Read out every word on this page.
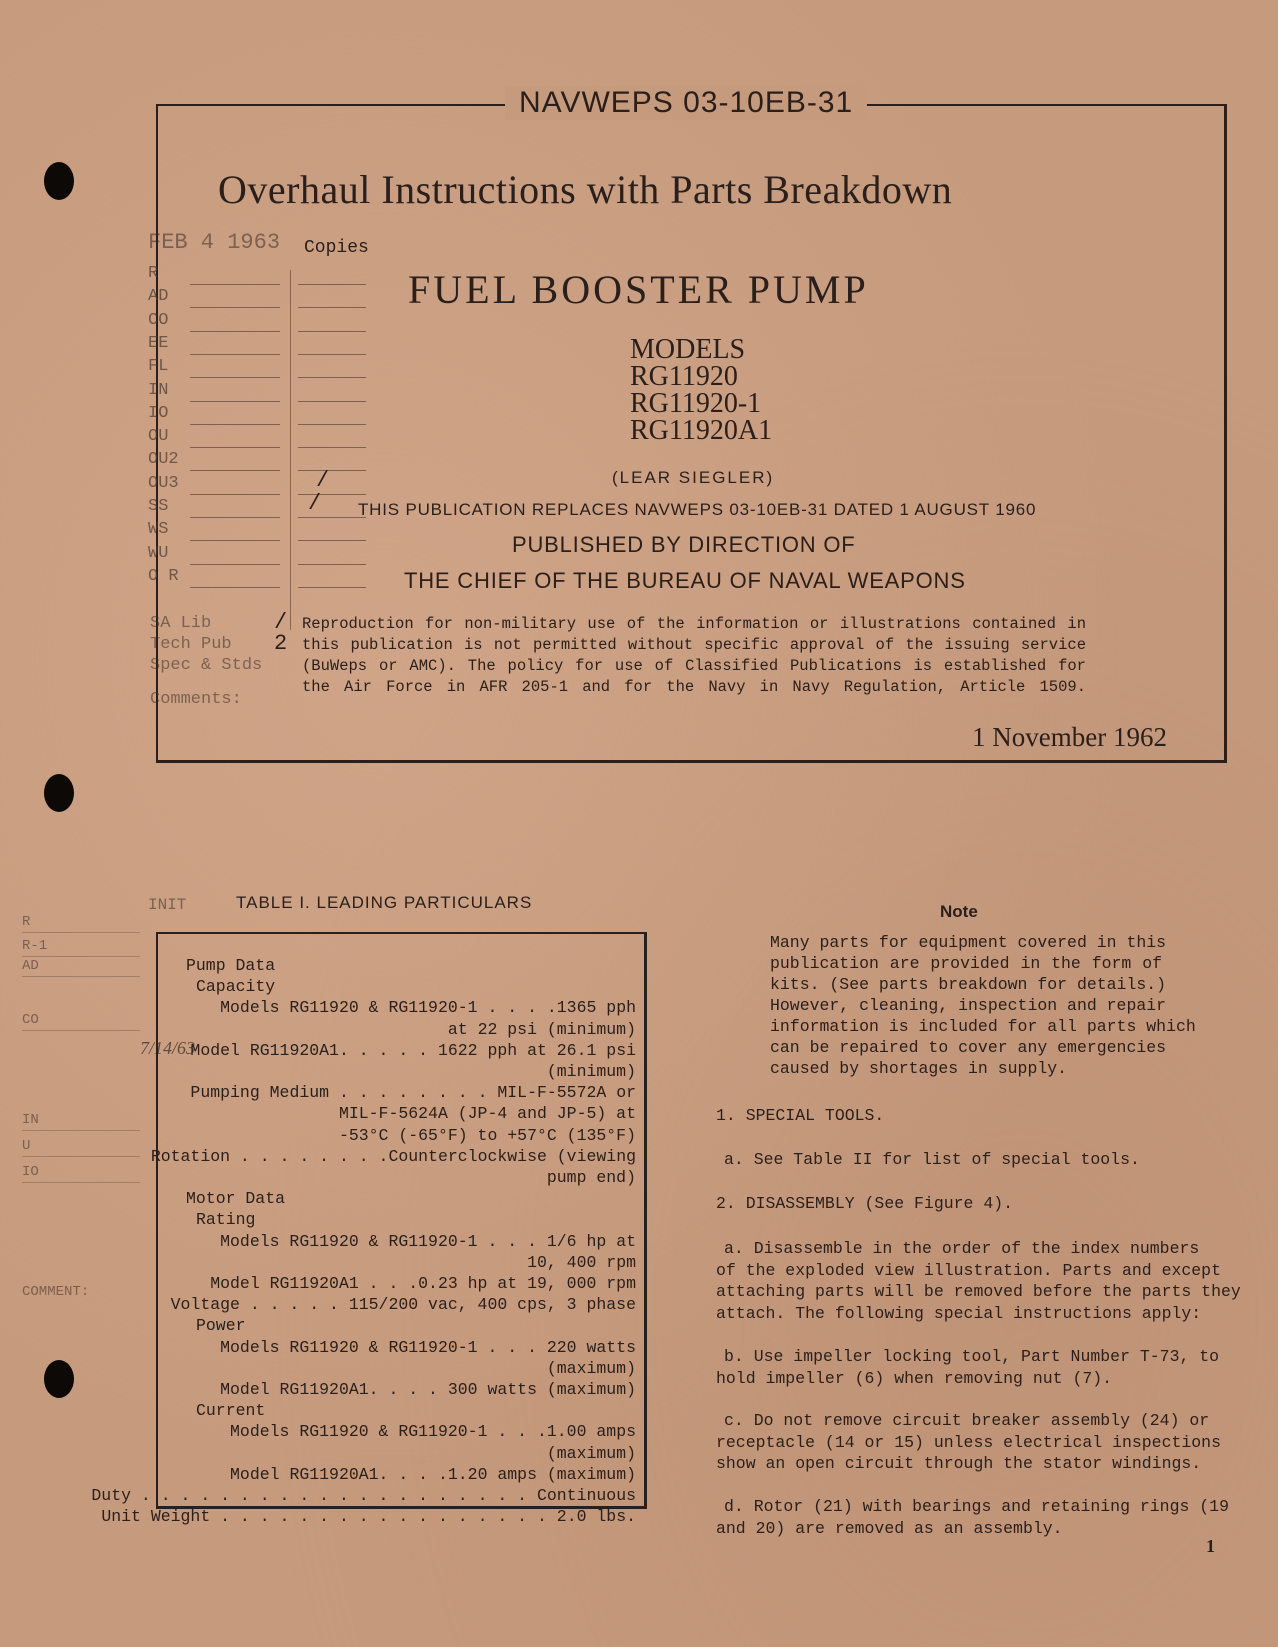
NAVWEPS 03-10EB-31
Overhaul Instructions with Parts Breakdown
FEB 4 1963 Copies
R
AD
CO
EE
FL
IN
IO
OU
OU2
OU3
SS
WS
WU
O R
/
/
SA Lib	/
Tech Pub 2
Spec & Stds
Comments:
7/14/63
FUEL BOOSTER PUMP
MODELS
RG11920
RG11920-1
RG11920A1
(LEAR SIEGLER)
THIS PUBLICATION REPLACES NAVWEPS 03-10EB-31 DATED 1 AUGUST 1960
PUBLISHED BY DIRECTION OF
THE CHIEF OF THE BUREAU OF NAVAL WEAPONS
Reproduction for non-military use of the information or illustrations contained in
this publication is not permitted without specific approval of the issuing service
(BuWeps or AMC). The policy for use of Classified Publications is established for
the Air Force in AFR 205-1 and for the Navy in Navy Regulation, Article 1509.
1 November 1962
R
R-1
AD
CO
IN
U
IO
COMMENT:
INIT	TABLE I. LEADING PARTICULARS
Pump Data
Capacity
Models RG11920 & RG11920-1 . . . .1365 pph
at 22 psi (minimum)
Model RG11920A1. . . . . 1622 pph at 26.1 psi
(minimum)
Pumping Medium . . . . . . . . MIL-F-5572A or
MIL-F-5624A (JP-4 and JP-5) at
-53°C (-65°F) to +57°C (135°F)
Rotation . . . . . . . .Counterclockwise (viewing
pump end)
Motor Data
Rating
Models RG11920 & RG11920-1 . . . 1/6 hp at
10, 400 rpm
Model RG11920A1 . . .0.23 hp at 19, 000 rpm
Voltage . . . . . 115/200 vac, 400 cps, 3 phase
Power
Models RG11920 & RG11920-1 . . . 220 watts
(maximum)
Model RG11920A1. . . . 300 watts (maximum)
Current
Models RG11920 & RG11920-1 . . .1.00 amps
(maximum)
Model RG11920A1. . . .1.20 amps (maximum)
Duty . . . . . . . . . . . . . . . . . . . . Continuous
Unit Weight . . . . . . . . . . . . . . . . . 2.0 lbs.
Note
Many parts for equipment covered in this
publication are provided in the form of
kits. (See parts breakdown for details.)
However, cleaning, inspection and repair
information is included for all parts which
can be repaired to cover any emergencies
caused by shortages in supply.
1. SPECIAL TOOLS.
a. See Table II for list of special tools.
2. DISASSEMBLY (See Figure 4).
a. Disassemble in the order of the index numbers
of the exploded view illustration. Parts and except
attaching parts will be removed before the parts they
attach. The following special instructions apply:
b. Use impeller locking tool, Part Number T-73, to
hold impeller (6) when removing nut (7).
c. Do not remove circuit breaker assembly (24) or
receptacle (14 or 15) unless electrical inspections
show an open circuit through the stator windings.
d. Rotor (21) with bearings and retaining rings (19
and 20) are removed as an assembly.
1
